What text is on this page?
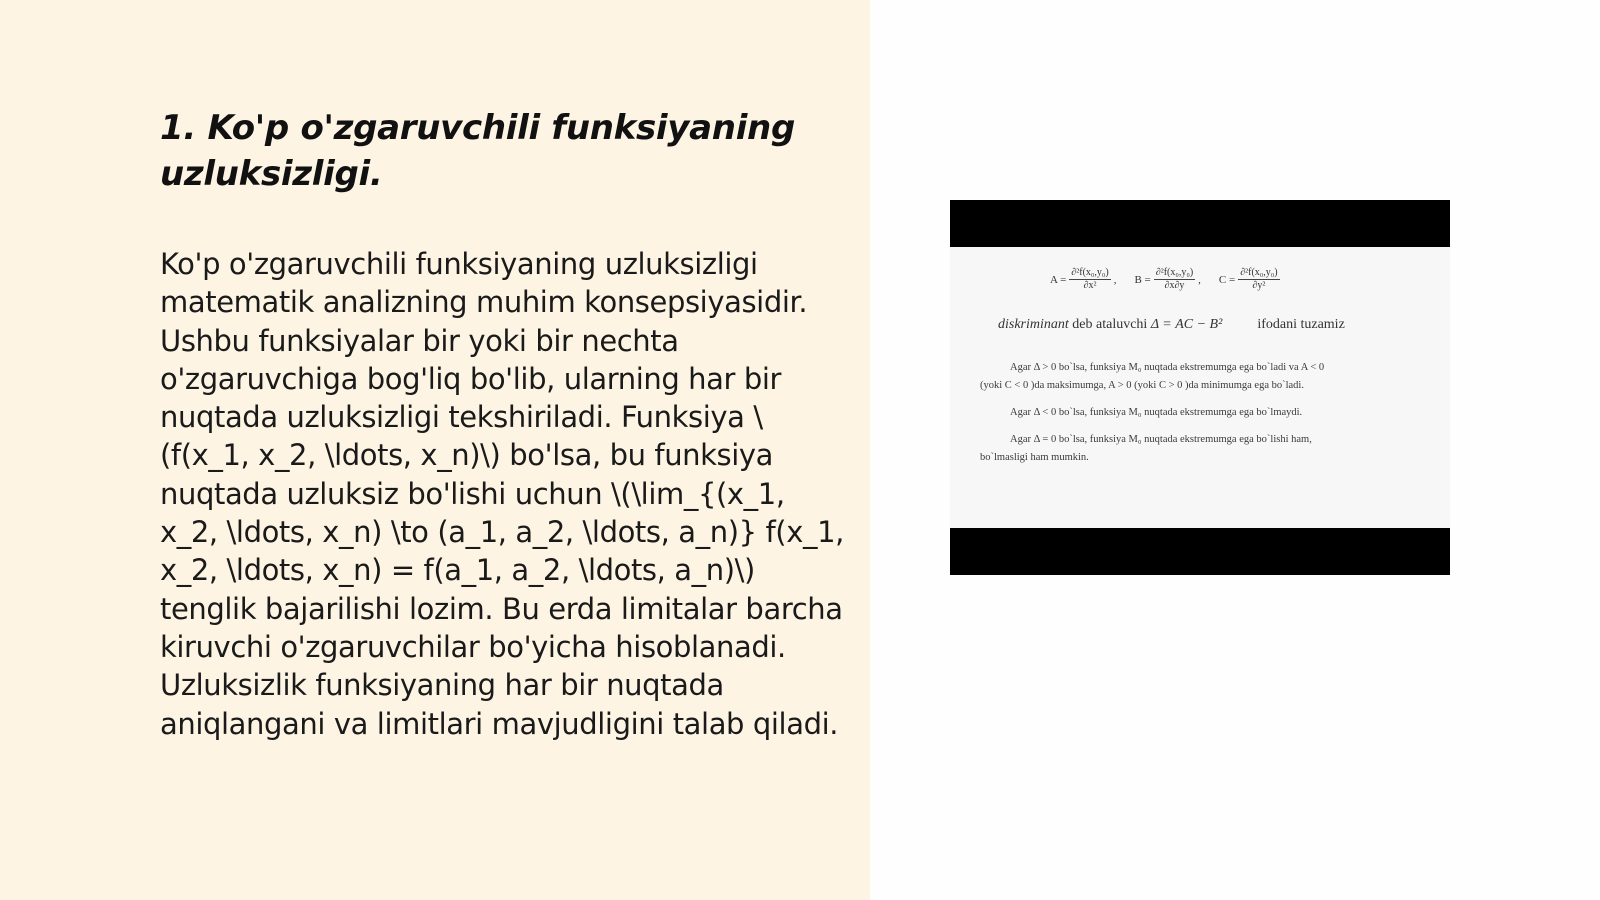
1. Ko'p o'zgaruvchili funksiyaning uzluksizligi.

Ko'p o'zgaruvchili funksiyaning uzluksizligi matematik analizning muhim konsepsiyasidir. Ushbu funksiyalar bir yoki bir nechta o'zgaruvchiga bog'liq bo'lib, ularning har bir nuqtada uzluksizligi tekshiriladi. Funksiya \(f(x_1, x_2, \ldots, x_n)\) bo'lsa, bu funksiya nuqtada uzluksiz bo'lishi uchun \(\lim_{(x_1, x_2, \ldots, x_n) \to (a_1, a_2, \ldots, a_n)} f(x_1, x_2, \ldots, x_n) = f(a_1, a_2, \ldots, a_n)\) tenglik bajarilishi lozim. Bu erda limitalar barcha kiruvchi o'zgaruvchilar bo'yicha hisoblanadi. Uzluksizlik funksiyaning har bir nuqtada aniqlangani va limitlari mavjudligini talab qiladi.

$A = \frac{\text{∂²f(x₀,y₀)}}{\text{∂x²}}$ , $B = \frac{\text{∂²f(x₀,y₀)}}{\partial x\partial y}$ , $C = \frac{\text{∂²f(x₀,y₀)}}{\text{∂y²}}$
diskriminant deb ataluvchi Δ = AC − B²	ifodani tuzamiz
Agar Δ > 0 bo`lsa, funksiya M₀ nuqtada ekstremumga ega bo`ladi va A < 0
(yoki C < 0 )da maksimumga, A > 0 (yoki C > 0 )da minimumga ega bo`ladi.
Agar Δ < 0 bo`lsa, funksiya M₀ nuqtada ekstremumga ega bo`lmaydi.
Agar Δ = 0 bo`lsa, funksiya M₀ nuqtada ekstremumga ega bo`lishi ham,
bo`lmasligi ham mumkin.
